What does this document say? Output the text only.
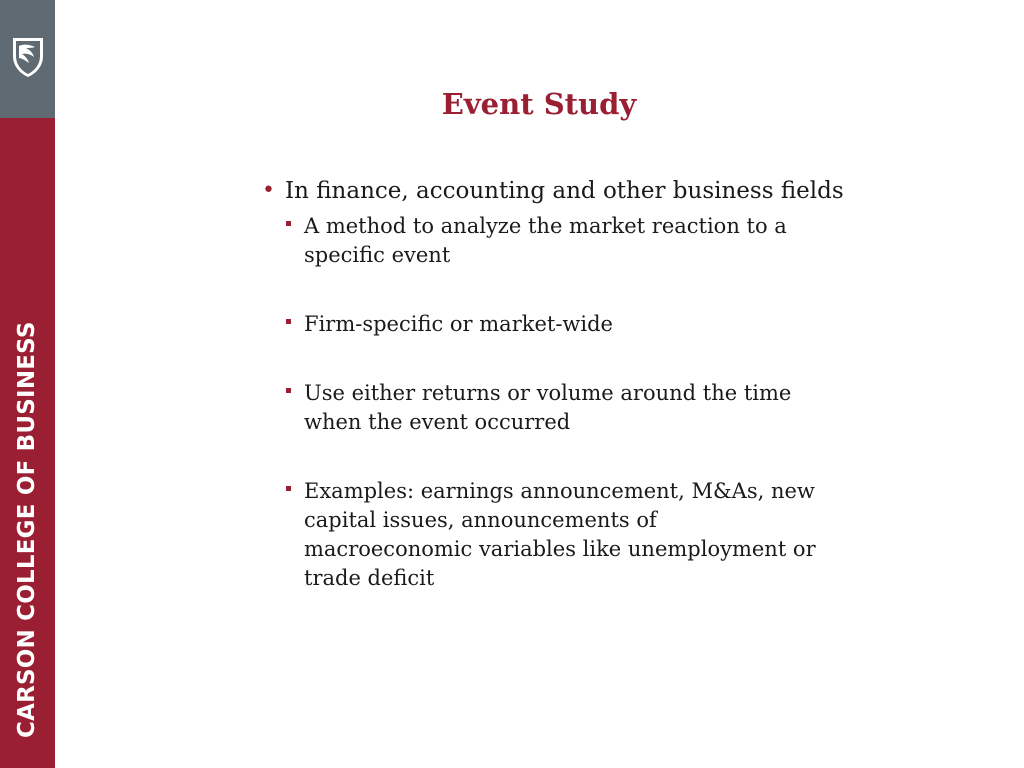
CARSON COLLEGE OF BUSINESS
Event Study
• In finance, accounting and other business fields
A method to analyze the market reaction to a specific event
Firm-specific or market-wide
Use either returns or volume around the time when the event occurred
Examples: earnings announcement, M&As, new capital issues, announcements of macroeconomic variables like unemployment or trade deficit
